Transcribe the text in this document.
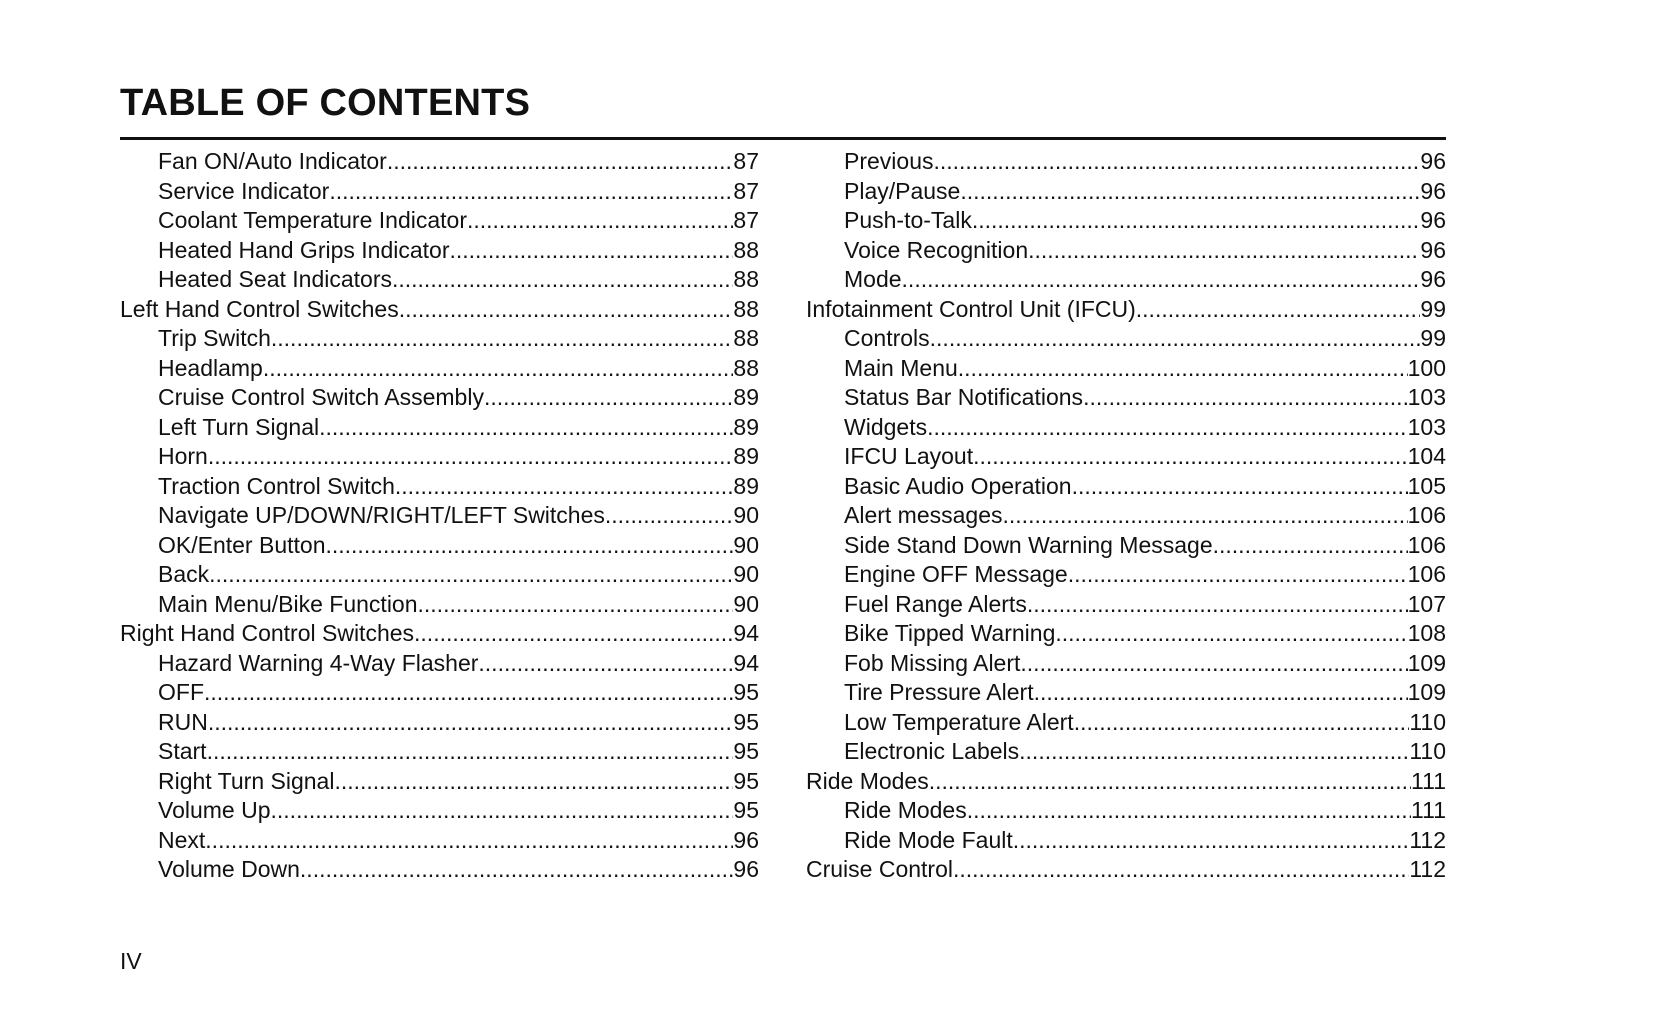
TABLE OF CONTENTS
Fan ON/Auto Indicator .....	87
Service Indicator .....	87
Coolant Temperature Indicator .....	87
Heated Hand Grips Indicator .....	88
Heated Seat Indicators .....	88
Left Hand Control Switches .....	88
Trip Switch .....	88
Headlamp .....	88
Cruise Control Switch Assembly .....	89
Left Turn Signal .....	89
Horn .....	89
Traction Control Switch .....	89
Navigate UP/DOWN/RIGHT/LEFT Switches .....	90
OK/Enter Button .....	90
Back .....	90
Main Menu/Bike Function .....	90
Right Hand Control Switches .....	94
Hazard Warning 4-Way Flasher .....	94
OFF .....	95
RUN .....	95
Start .....	95
Right Turn Signal .....	95
Volume Up .....	95
Next .....	96
Volume Down .....	96
Previous .....	96
Play/Pause .....	96
Push-to-Talk .....	96
Voice Recognition .....	96
Mode .....	96
Infotainment Control Unit (IFCU) .....	99
Controls .....	99
Main Menu .....	100
Status Bar Notifications .....	103
Widgets .....	103
IFCU Layout .....	104
Basic Audio Operation .....	105
Alert messages .....	106
Side Stand Down Warning Message .....	106
Engine OFF Message .....	106
Fuel Range Alerts .....	107
Bike Tipped Warning .....	108
Fob Missing Alert .....	109
Tire Pressure Alert .....	109
Low Temperature Alert .....	110
Electronic Labels .....	110
Ride Modes .....	111
Ride Modes .....	111
Ride Mode Fault .....	112
Cruise Control .....	112
IV
